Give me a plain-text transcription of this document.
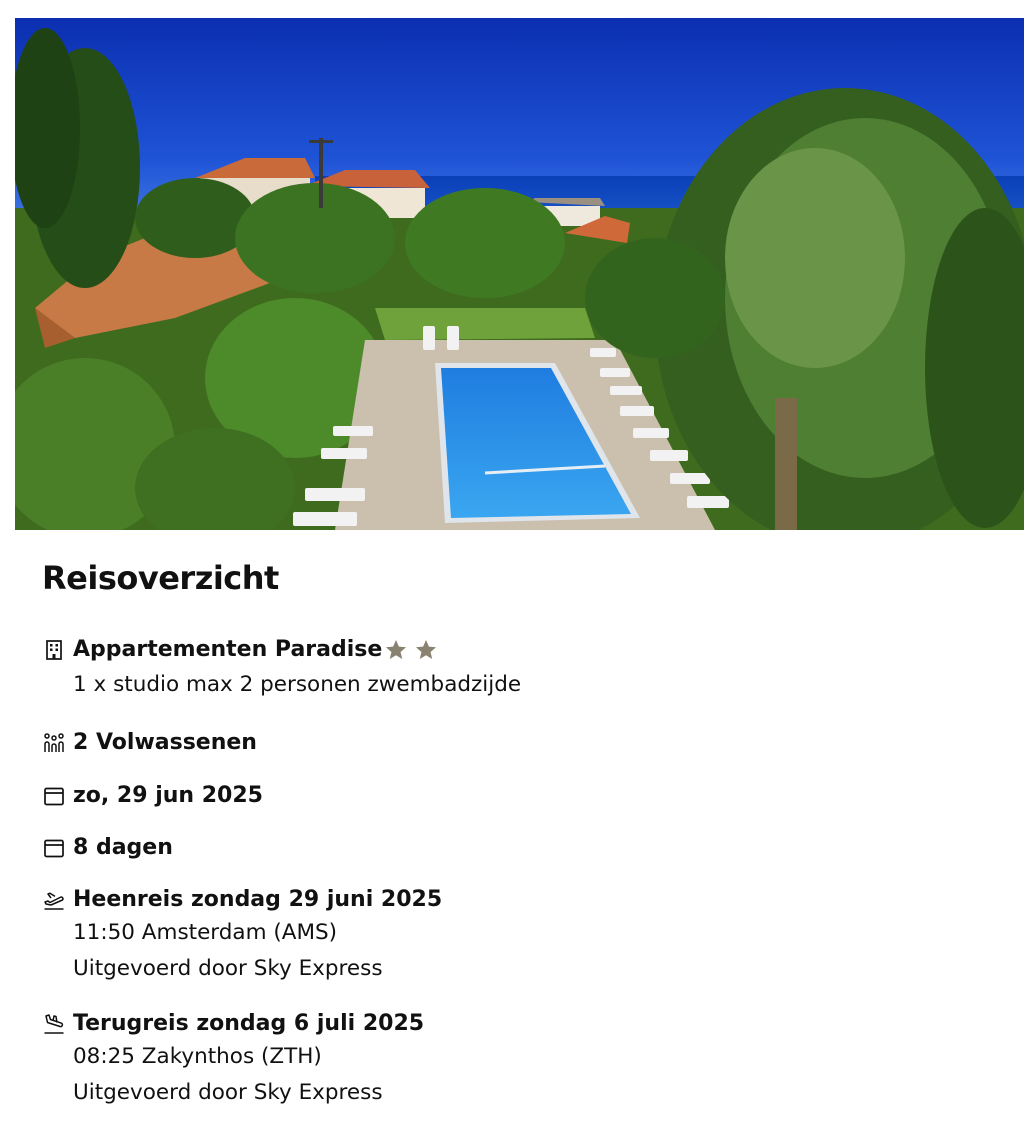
Reisoverzicht
Appartementen Paradise
1 x studio max 2 personen zwembadzijde
2 Volwassenen
zo, 29 jun 2025
8 dagen
Heenreis zondag 29 juni 2025
11:50 Amsterdam (AMS)
Uitgevoerd door Sky Express
Terugreis zondag 6 juli 2025
08:25 Zakynthos (ZTH)
Uitgevoerd door Sky Express
